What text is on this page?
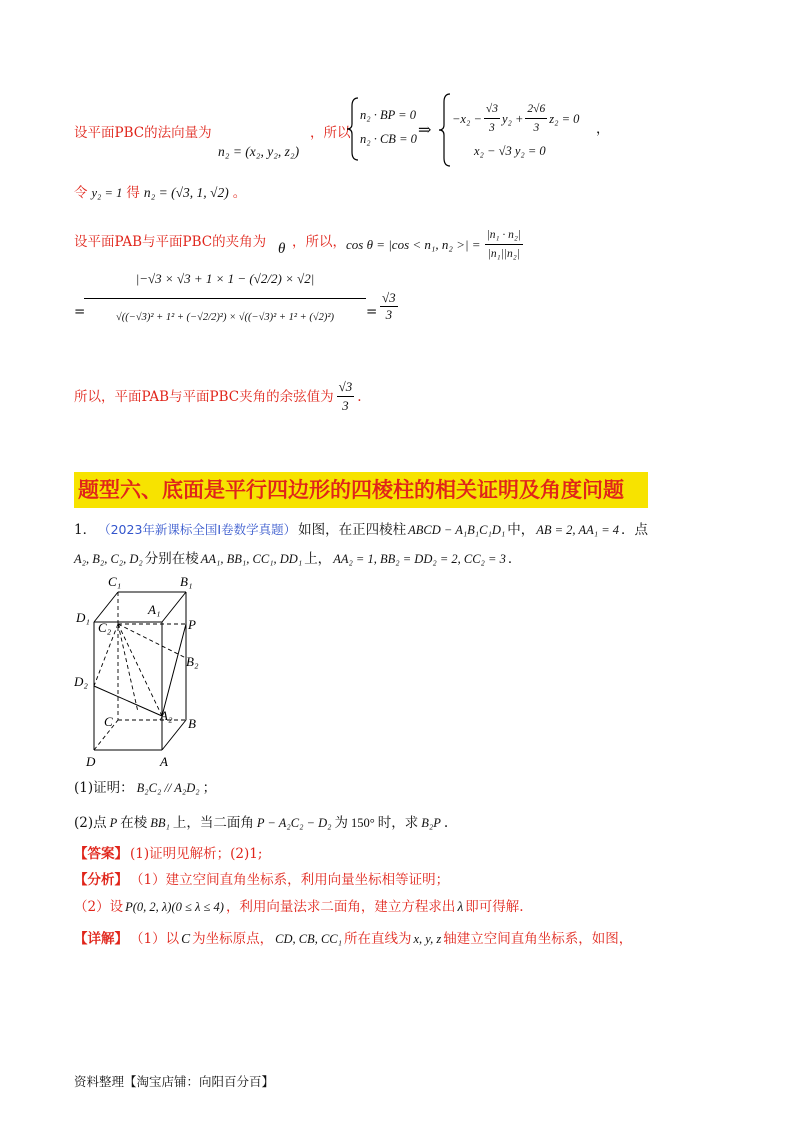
设平面PBC的法向量为
n₂ = (x₂, y₂, z₂)
，所以
n₂ · BP = 0
n₂ · CB = 0 ⇒
$-x_2 - \frac{√3}{3} y_2 + \frac{2√6}{3} z_2 = 0$
x₂ − √3 y₂ = 0
，
令 y₂ = 1 得 n₂ = (√3, 1, √2) 。
设平面PAB与平面PBC的夹角为 θ ，所以， cos θ = |cos < n₁, n₂ >| = $\frac{\text{|n₁ · n₂|}}{\text{|n₁||n₂|}}$
=
|−√3 × √3 + 1 × 1 − (√2/2) × √2|
√((−√3)² + 1² + (−√2/2)²) × √((−√3)² + 1² + (√2)²)	= $\frac{√3}{3}$
所以，平面PAB与平面PBC夹角的余弦值为 $\frac{√3}{3}$ .
题型六、底面是平行四边形的四棱柱的相关证明及角度问题
1． （2023年新课标全国Ⅰ卷数学真题） 如图，在正四棱柱 ABCD − A₁B₁C₁D₁ 中， AB = 2, AA₁ = 4 ．点
A₂, B₂, C₂, D₂ 分别在棱 AA₁, BB₁, CC₁, DD₁ 上， AA₂ = 1, BB₂ = DD₂ = 2, CC₂ = 3 ．
C₁	B₁
A₁
D₁
C₂	P
B₂
D₂
C	A₂
B
D	A
(1)证明： B₂C₂ // A₂D₂ ；
(2)点 P 在棱 BB₁ 上，当二面角 P − A₂C₂ − D₂ 为 150° 时，求 B₂P .
【答案】 (1)证明见解析；(2)1;
【分析】 （1）建立空间直角坐标系，利用向量坐标相等证明；
（2）设 P(0, 2, λ)(0 ≤ λ ≤ 4) ，利用向量法求二面角，建立方程求出 λ 即可得解.
【详解】 （1）以 C 为坐标原点， CD, CB, CC₁ 所在直线为 x, y, z 轴建立空间直角坐标系，如图，
资料整理【淘宝店铺：向阳百分百】
